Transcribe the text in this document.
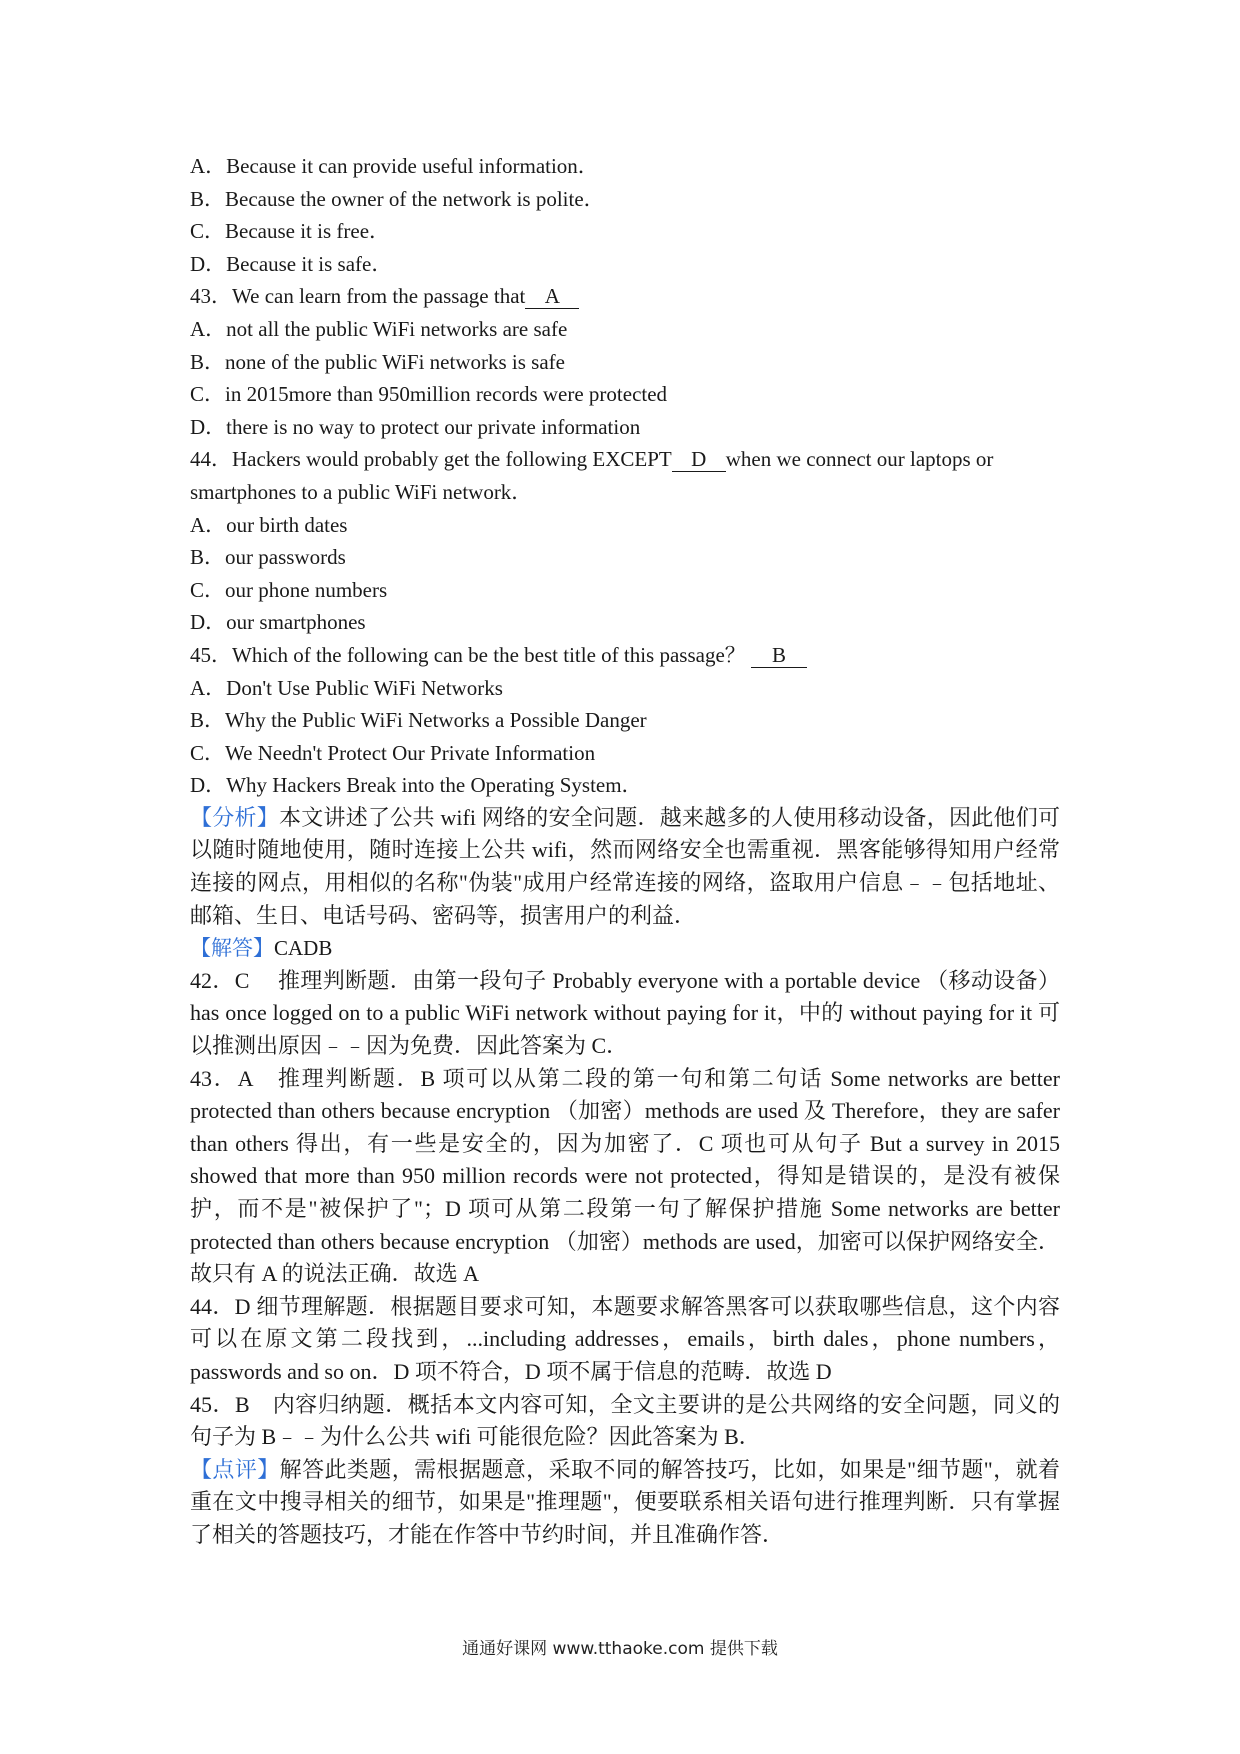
A．Because it can provide useful information．
B．Because the owner of the network is polite．
C．Because it is free．
D．Because it is safe．
43．We can learn from the passage that A
A．not all the public WiFi networks are safe
B．none of the public WiFi networks is safe
C．in 2015more than 950million records were protected
D．there is no way to protect our private information
44．Hackers would probably get the following EXCEPT D when we connect our laptops or
smartphones to a public WiFi network．
A．our birth dates
B．our passwords
C．our phone numbers
D．our smartphones
45．Which of the following can be the best title of this passage？ B
A．Don't Use Public WiFi Networks
B．Why the Public WiFi Networks a Possible Danger
C．We Needn't Protect Our Private Information
D．Why Hackers Break into the Operating System．
【分析】本文讲述了公共 wifi 网络的安全问题．越来越多的人使用移动设备，因此他们可以随时随地使用，随时连接上公共 wifi，然而网络安全也需重视．黑客能够得知用户经常连接的网点，用相似的名称"伪装"成用户经常连接的网络，盗取用户信息﹣﹣包括地址、邮箱、生日、电话号码、密码等，损害用户的利益．
【解答】CADB
42．C　 推理判断题．由第一段句子 Probably everyone with a portable device （移动设备）has once logged on to a public WiFi network without paying for it，中的 without paying for it 可以推测出原因﹣﹣因为免费．因此答案为 C．
43．A　推理判断题．B 项可以从第二段的第一句和第二句话 Some networks are better protected than others because encryption （加密）methods are used 及 Therefore，they are safer than others 得出，有一些是安全的，因为加密了．C 项也可从句子 But a survey in 2015 showed that more than 950 million records were not protected，得知是错误的，是没有被保护，而不是"被保护了"；D 项可从第二段第一句了解保护措施 Some networks are better protected than others because encryption （加密）methods are used，加密可以保护网络安全．故只有 A 的说法正确．故选 A
44．D 细节理解题．根据题目要求可知，本题要求解答黑客可以获取哪些信息，这个内容可以在原文第二段找到，...including addresses，emails，birth dales，phone numbers，passwords and so on．D 项不符合，D 项不属于信息的范畴．故选 D
45．B　内容归纳题．概括本文内容可知，全文主要讲的是公共网络的安全问题，同义的句子为 B﹣﹣为什么公共 wifi 可能很危险？因此答案为 B．
【点评】解答此类题，需根据题意，采取不同的解答技巧，比如，如果是"细节题"，就着重在文中搜寻相关的细节，如果是"推理题"，便要联系相关语句进行推理判断．只有掌握了相关的答题技巧，才能在作答中节约时间，并且准确作答．
通通好课网 www.tthaoke.com 提供下载
